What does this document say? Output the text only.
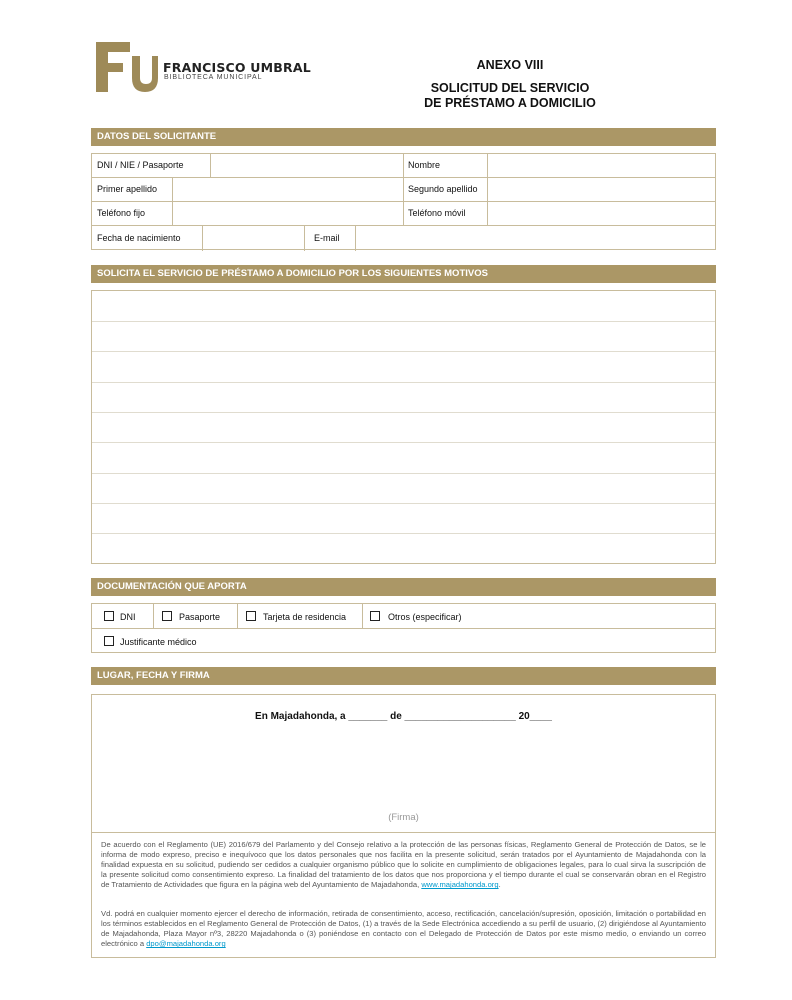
FRANCISCO UMBRAL
BIBLIOTECA MUNICIPAL
ANEXO VIII
SOLICITUD DEL SERVICIO
DE PRÉSTAMO A DOMICILIO
DATOS DEL SOLICITANTE
DNI / NIE / Pasaporte	Nombre
Primer apellido	Segundo apellido
Teléfono fijo	Teléfono móvil
Fecha de nacimiento	E-mail
SOLICITA EL SERVICIO DE PRÉSTAMO A DOMICILIO POR LOS SIGUIENTES MOTIVOS
DOCUMENTACIÓN QUE APORTA
DNI	Pasaporte	Tarjeta de residencia	Otros (especificar)
Justificante médico
LUGAR, FECHA Y FIRMA
En Majadahonda, a _______ de ____________________ 20____
(Firma)
De acuerdo con el Reglamento (UE) 2016/679 del Parlamento y del Consejo relativo a la protección de las personas físicas, Reglamento General de Protección de Datos, se le informa de modo expreso, preciso e inequívoco que los datos personales que nos facilita en la presente solicitud, serán tratados por el Ayuntamiento de Majadahonda con la finalidad expuesta en su solicitud, pudiendo ser cedidos a cualquier organismo público que lo solicite en cumplimiento de obligaciones legales, para lo cual sirva la suscripción de la presente solicitud como consentimiento expreso. La finalidad del tratamiento de los datos que nos proporciona y el tiempo durante el cual se conservarán obran en el Registro de Tratamiento de Actividades que figura en la página web del Ayuntamiento de Majadahonda, www.majadahonda.org.
Vd. podrá en cualquier momento ejercer el derecho de información, retirada de consentimiento, acceso, rectificación, cancelación/supresión, oposición, limitación o portabilidad en los términos establecidos en el Reglamento General de Protección de Datos, (1) a través de la Sede Electrónica accediendo a su perfil de usuario, (2) dirigiéndose al Ayuntamiento de Majadahonda, Plaza Mayor nº3, 28220 Majadahonda o (3) poniéndose en contacto con el Delegado de Protección de Datos por este mismo medio, o enviando un correo electrónico a dpo@majadahonda.org
